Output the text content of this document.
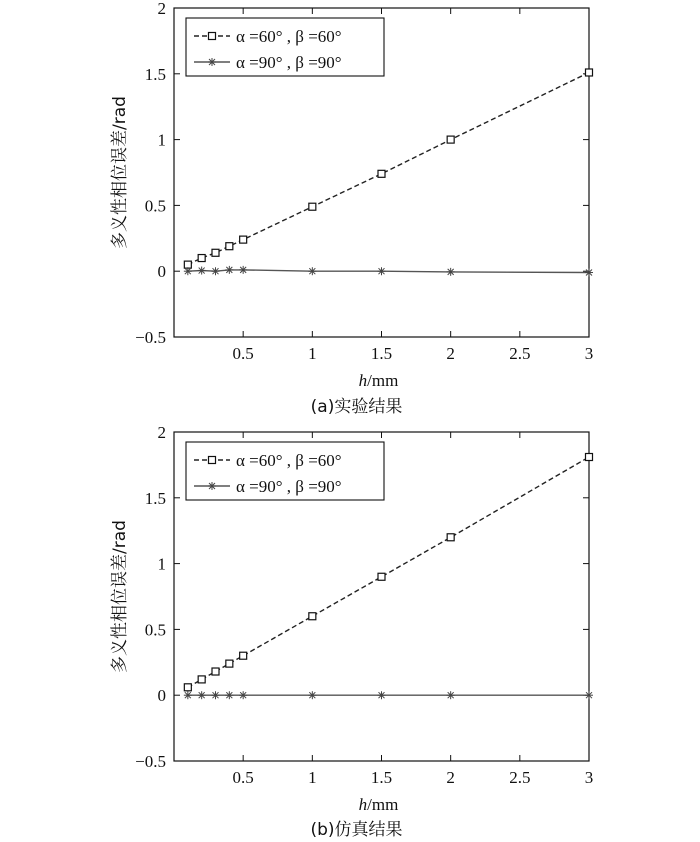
−0.5
0
0.5
1
1.5
2
0.5	1	1.5	2	2.5	3
h/mm
多义性相位误差/rad
(a)实验结果
α =60° , β =60°
α =90° , β =90°
−0.5
0
0.5
1
1.5
2
0.5	1	1.5	2	2.5	3
h/mm
多义性相位误差/rad
(b)仿真结果
α =60° , β =60°
α =90° , β =90°
